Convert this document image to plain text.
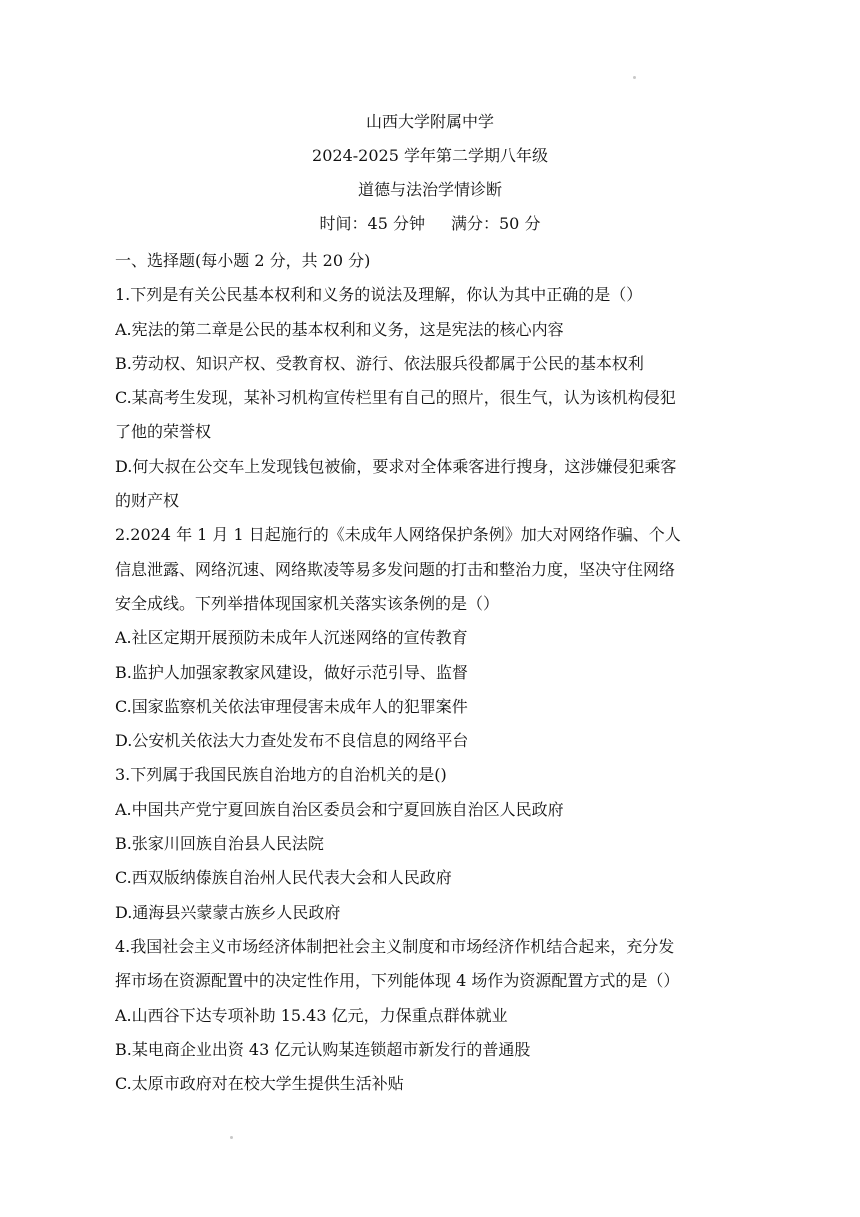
山西大学附属中学
2024-2025 学年第二学期八年级
道德与法治学情诊断
时间：45 分钟 满分：50 分
一、选择题(每小题 2 分，共 20 分)
1.下列是有关公民基本权利和义务的说法及理解，你认为其中正确的是（）
A.宪法的第二章是公民的基本权利和义务，这是宪法的核心内容
B.劳动权、知识产权、受教育权、游行、依法服兵役都属于公民的基本权利
C.某高考生发现，某补习机构宣传栏里有自己的照片，很生气，认为该机构侵犯
了他的荣誉权
D.何大叔在公交车上发现钱包被偷，要求对全体乘客进行搜身，这涉嫌侵犯乘客
的财产权
2.2024 年 1 月 1 日起施行的《未成年人网络保护条例》加大对网络作骗、个人
信息泄露、网络沉速、网络欺凌等易多发问题的打击和整治力度，坚决守住网络
安全成线。下列举措体现国家机关落实该条例的是（）
A.社区定期开展预防未成年人沉迷网络的宣传教育
B.监护人加强家教家风建设，做好示范引导、监督
C.国家监察机关依法审理侵害未成年人的犯罪案件
D.公安机关依法大力查处发布不良信息的网络平台
3.下列属于我国民族自治地方的自治机关的是()
A.中国共产党宁夏回族自治区委员会和宁夏回族自治区人民政府
B.张家川回族自治县人民法院
C.西双版纳傣族自治州人民代表大会和人民政府
D.通海县兴蒙蒙古族乡人民政府
4.我国社会主义市场经济体制把社会主义制度和市场经济作机结合起来，充分发
挥市场在资源配置中的决定性作用，下列能体现 4 场作为资源配置方式的是（）
A.山西谷下达专项补助 15.43 亿元，力保重点群体就业
B.某电商企业出资 43 亿元认购某连锁超市新发行的普通股
C.太原市政府对在校大学生提供生活补贴
